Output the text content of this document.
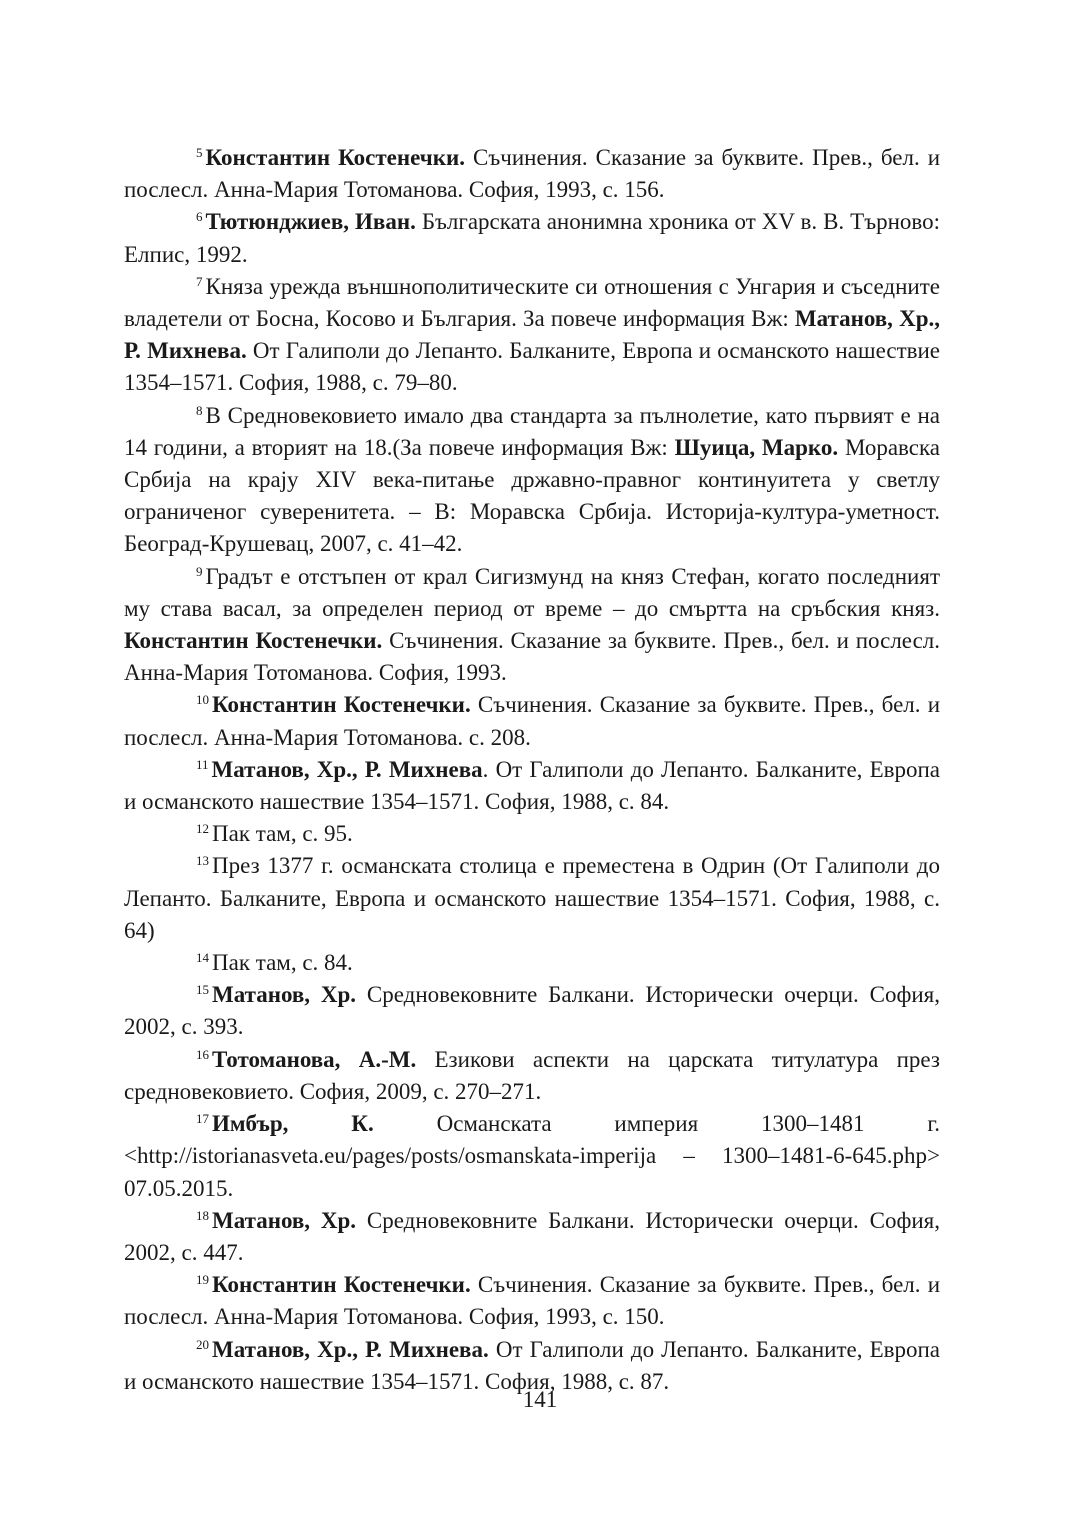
$^5$ Константин Костенечки. Съчинения. Сказание за буквите. Прев., бел. и послесл. Анна-Мария Тотоманова. София, 1993, с. 156.

$^6$ Тютюнджиев, Иван. Българската анонимна хроника от XV в. В. Търново: Елпис, 1992.

$^7$ Княза урежда външнополитическите си отношения с Унгария и съседните владетели от Босна, Косово и България. За повече информация Вж: Матанов, Хр., Р. Михнева. От Галиполи до Лепанто. Балканите, Европа и османското нашествие 1354–1571. София, 1988, с. 79–80.

$^8$ В Средновековието имало два стандарта за пълнолетие, като първият е на 14 години, а вторият на 18.(За повече информация Вж: Шуица, Марко. Моравска Србија на крају XIV века-питање државно-правног континуитета у светлу ограниченог суверенитета. – В: Моравска Србија. Историја-култура-уметност. Београд-Крушевац, 2007, с. 41–42.

$^9$ Градът е отстъпен от крал Сигизмунд на княз Стефан, когато последният му става васал, за определен период от време – до смъртта на сръбския княз. Константин Костенечки. Съчинения. Сказание за буквите. Прев., бел. и послесл. Анна-Мария Тотоманова. София, 1993.

$^{10}$ Константин Костенечки. Съчинения. Сказание за буквите. Прев., бел. и послесл. Анна-Мария Тотоманова. с. 208.

$^{11}$ Матанов, Хр., Р. Михнева. От Галиполи до Лепанто. Балканите, Европа и османското нашествие 1354–1571. София, 1988, с. 84.

$^{12}$ Пак там, с. 95.

$^{13}$ През 1377 г. османската столица е преместена в Одрин (От Галиполи до Лепанто. Балканите, Европа и османското нашествие 1354–1571. София, 1988, с. 64)

$^{14}$ Пак там, с. 84.

$^{15}$ Матанов, Хр. Средновековните Балкани. Исторически очерци. София, 2002, с. 393.

$^{16}$ Тотоманова, А.-М. Езикови аспекти на царската титулатура през средновековието. София, 2009, с. 270–271.

$^{17}$ Имбър, К.	Османската империя 1300–1481 г. <http://istorianasveta.eu/pages/posts/osmanskata-imperija – 1300–1481-6-645.php> 07.05.2015.

$^{18}$ Матанов, Хр. Средновековните Балкани. Исторически очерци. София, 2002, с. 447.

$^{19}$ Константин Костенечки. Съчинения. Сказание за буквите. Прев., бел. и послесл. Анна-Мария Тотоманова. София, 1993, с. 150.

$^{20}$ Матанов, Хр., Р. Михнева. От Галиполи до Лепанто. Балканите, Европа и османското нашествие 1354–1571. София, 1988, с. 87.

141
